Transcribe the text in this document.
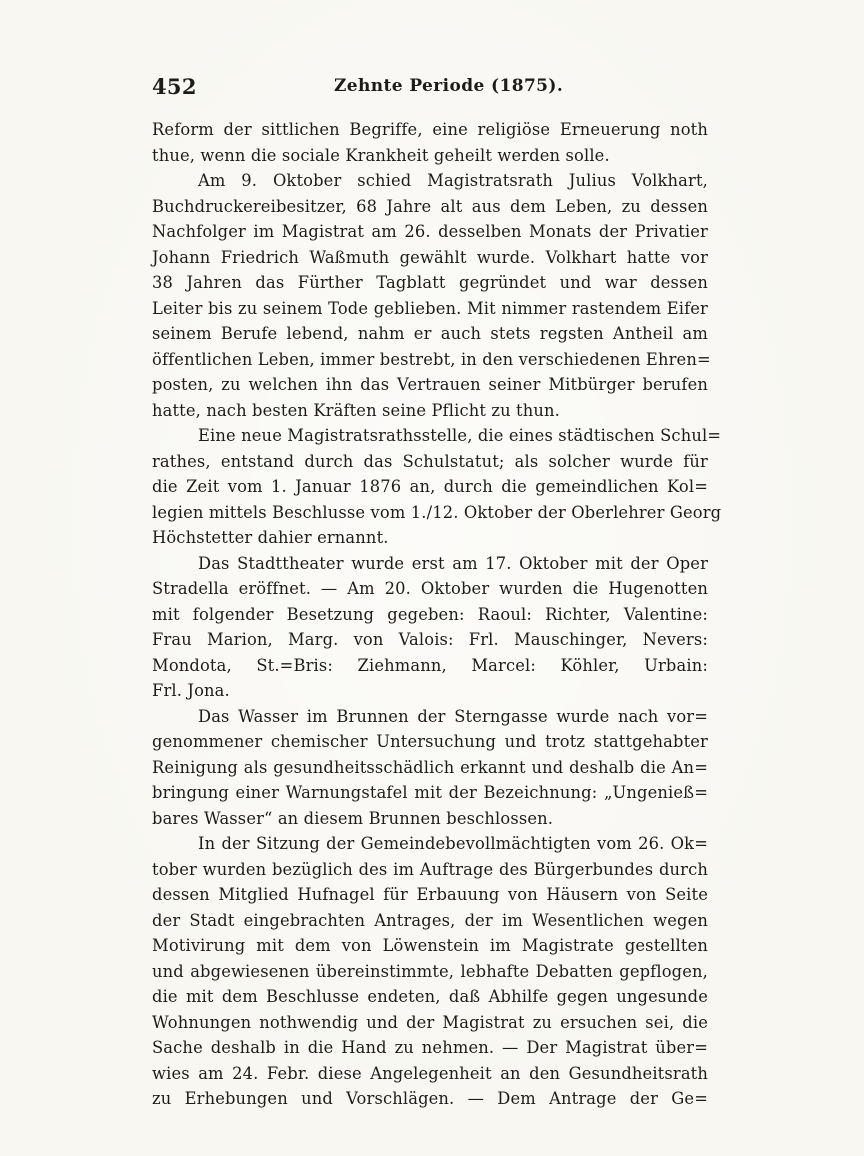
452	Zehnte Periode (1875).
Reform der sittlichen Begriffe, eine religiöse Erneuerung noth
thue, wenn die sociale Krankheit geheilt werden solle.
Am 9. Oktober schied Magistratsrath Julius Volkhart,
Buchdruckereibesitzer, 68 Jahre alt aus dem Leben, zu dessen
Nachfolger im Magistrat am 26. desselben Monats der Privatier
Johann Friedrich Waßmuth gewählt wurde. Volkhart hatte vor
38 Jahren das Fürther Tagblatt gegründet und war dessen
Leiter bis zu seinem Tode geblieben. Mit nimmer rastendem Eifer
seinem Berufe lebend, nahm er auch stets regsten Antheil am
öffentlichen Leben, immer bestrebt, in den verschiedenen Ehren=
posten, zu welchen ihn das Vertrauen seiner Mitbürger berufen
hatte, nach besten Kräften seine Pflicht zu thun.
Eine neue Magistratsrathsstelle, die eines städtischen Schul=
rathes, entstand durch das Schulstatut; als solcher wurde für
die Zeit vom 1. Januar 1876 an, durch die gemeindlichen Kol=
legien mittels Beschlusse vom 1./12. Oktober der Oberlehrer Georg
Höchstetter dahier ernannt.
Das Stadttheater wurde erst am 17. Oktober mit der Oper
Stradella eröffnet. — Am 20. Oktober wurden die Hugenotten
mit folgender Besetzung gegeben: Raoul: Richter, Valentine:
Frau Marion, Marg. von Valois: Frl. Mauschinger, Nevers:
Mondota, St.=Bris: Ziehmann, Marcel: Köhler, Urbain:
Frl. Jona.
Das Wasser im Brunnen der Sterngasse wurde nach vor=
genommener chemischer Untersuchung und trotz stattgehabter
Reinigung als gesundheitsschädlich erkannt und deshalb die An=
bringung einer Warnungstafel mit der Bezeichnung: „Ungenieß=
bares Wasser“ an diesem Brunnen beschlossen.
In der Sitzung der Gemeindebevollmächtigten vom 26. Ok=
tober wurden bezüglich des im Auftrage des Bürgerbundes durch
dessen Mitglied Hufnagel für Erbauung von Häusern von Seite
der Stadt eingebrachten Antrages, der im Wesentlichen wegen
Motivirung mit dem von Löwenstein im Magistrate gestellten
und abgewiesenen übereinstimmte, lebhafte Debatten gepflogen,
die mit dem Beschlusse endeten, daß Abhilfe gegen ungesunde
Wohnungen nothwendig und der Magistrat zu ersuchen sei, die
Sache deshalb in die Hand zu nehmen. — Der Magistrat über=
wies am 24. Febr. diese Angelegenheit an den Gesundheitsrath
zu Erhebungen und Vorschlägen. — Dem Antrage der Ge=
